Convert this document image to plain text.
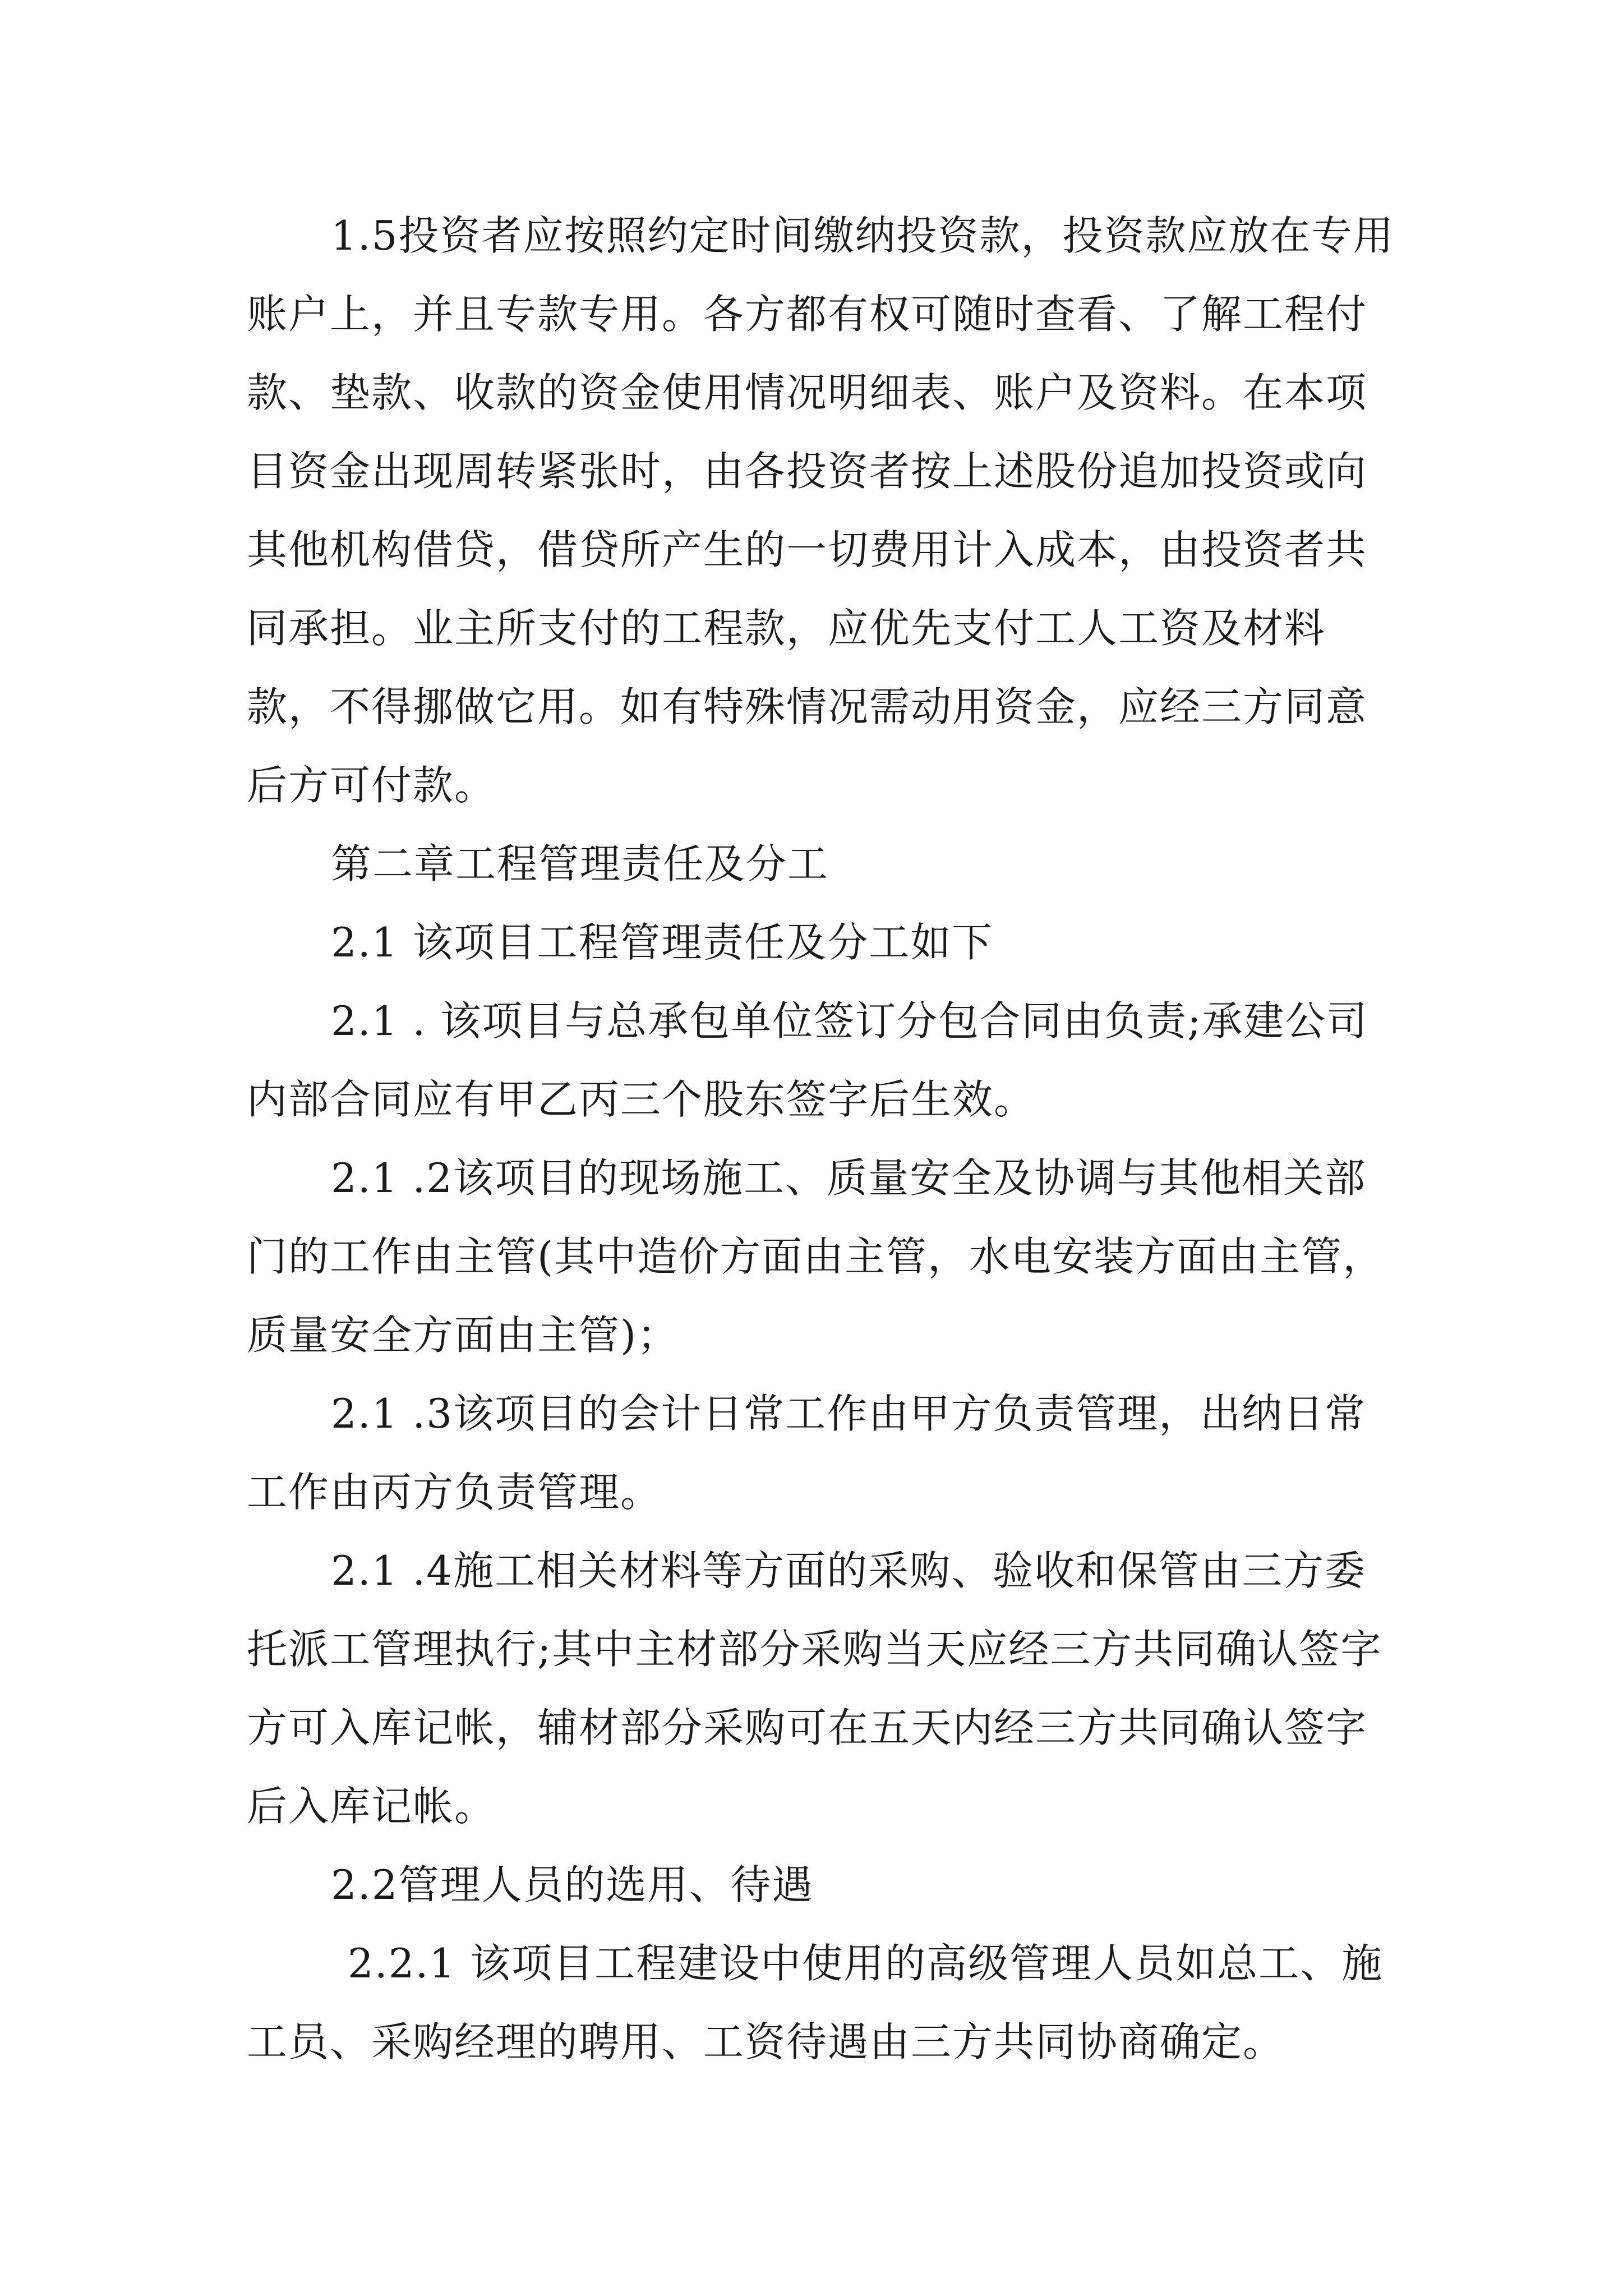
1.5投资者应按照约定时间缴纳投资款，投资款应放在专用账户上，并且专款专用。各方都有权可随时查看、了解工程付款、垫款、收款的资金使用情况明细表、账户及资料。在本项目资金出现周转紧张时，由各投资者按上述股份追加投资或向其他机构借贷，借贷所产生的一切费用计入成本，由投资者共同承担。业主所支付的工程款，应优先支付工人工资及材料款，不得挪做它用。如有特殊情况需动用资金，应经三方同意后方可付款。

第二章工程管理责任及分工

2.1 该项目工程管理责任及分工如下

2.1 . 该项目与总承包单位签订分包合同由负责;承建公司内部合同应有甲乙丙三个股东签字后生效。

2.1 .2该项目的现场施工、质量安全及协调与其他相关部门的工作由主管(其中造价方面由主管，水电安装方面由主管，质量安全方面由主管)；

2.1 .3该项目的会计日常工作由甲方负责管理，出纳日常工作由丙方负责管理。

2.1 .4施工相关材料等方面的采购、验收和保管由三方委托派工管理执行;其中主材部分采购当天应经三方共同确认签字方可入库记帐，辅材部分采购可在五天内经三方共同确认签字后入库记帐。

2.2管理人员的选用、待遇

2.2.1 该项目工程建设中使用的高级管理人员如总工、施工员、采购经理的聘用、工资待遇由三方共同协商确定。
